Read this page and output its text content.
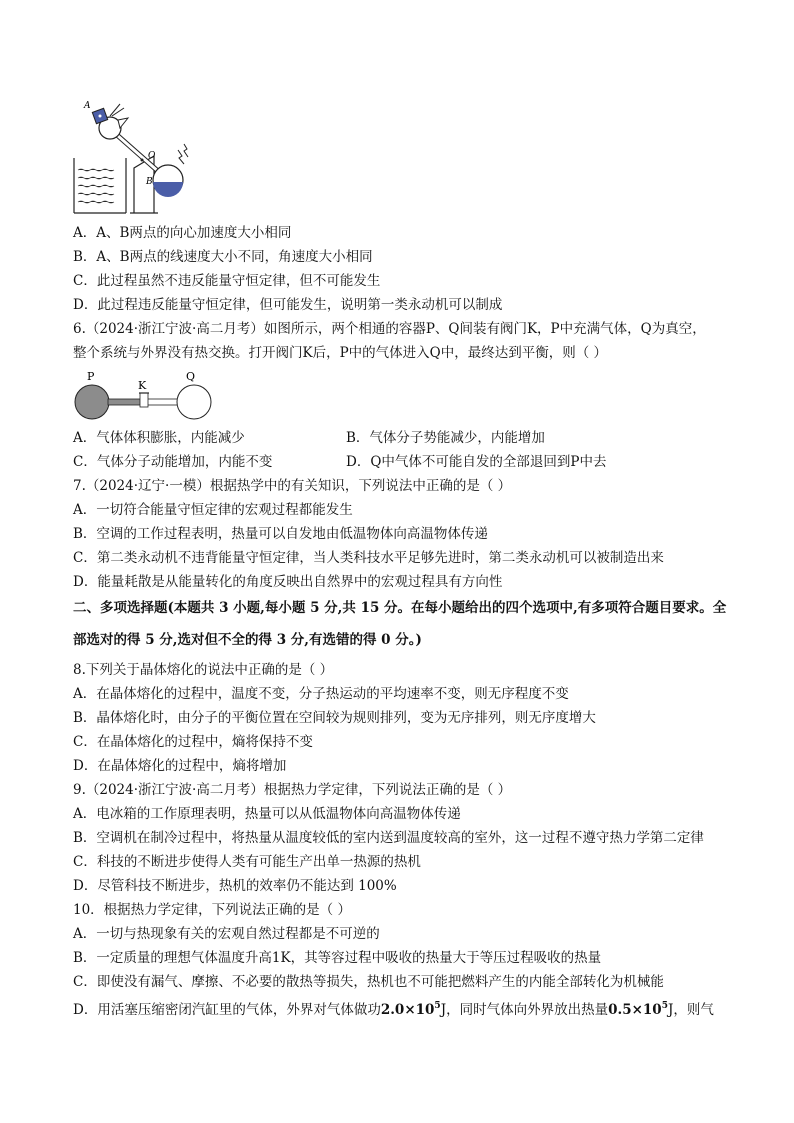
A
O
B
A．A、B两点的向心加速度大小相同
B．A、B两点的线速度大小不同，角速度大小相同
C．此过程虽然不违反能量守恒定律，但不可能发生
D．此过程违反能量守恒定律，但可能发生，说明第一类永动机可以制成
6.（2024·浙江宁波·高二月考）如图所示，两个相通的容器P、Q间装有阀门K，P中充满气体，Q为真空，
整个系统与外界没有热交换。打开阀门K后，P中的气体进入Q中，最终达到平衡，则（ ）
P
K
Q
A．气体体积膨胀，内能减少	B．气体分子势能减少，内能增加
C．气体分子动能增加，内能不变	D．Q中气体不可能自发的全部退回到P中去
7.（2024·辽宁·一模）根据热学中的有关知识，下列说法中正确的是（ ）
A．一切符合能量守恒定律的宏观过程都能发生
B．空调的工作过程表明，热量可以自发地由低温物体向高温物体传递
C．第二类永动机不违背能量守恒定律，当人类科技水平足够先进时，第二类永动机可以被制造出来
D．能量耗散是从能量转化的角度反映出自然界中的宏观过程具有方向性
二、多项选择题(本题共 3 小题,每小题 5 分,共 15 分。在每小题给出的四个选项中,有多项符合题目要求。全
部选对的得 5 分,选对但不全的得 3 分,有选错的得 0 分。)
8.下列关于晶体熔化的说法中正确的是（ ）
A．在晶体熔化的过程中，温度不变，分子热运动的平均速率不变，则无序程度不变
B．晶体熔化时，由分子的平衡位置在空间较为规则排列，变为无序排列，则无序度增大
C．在晶体熔化的过程中，熵将保持不变
D．在晶体熔化的过程中，熵将增加
9.（2024·浙江宁波·高二月考）根据热力学定律，下列说法正确的是（ ）
A．电冰箱的工作原理表明，热量可以从低温物体向高温物体传递
B．空调机在制冷过程中，将热量从温度较低的室内送到温度较高的室外，这一过程不遵守热力学第二定律
C．科技的不断进步使得人类有可能生产出单一热源的热机
D．尽管科技不断进步，热机的效率仍不能达到 100%
10．根据热力学定律，下列说法正确的是（ ）
A．一切与热现象有关的宏观自然过程都是不可逆的
B．一定质量的理想气体温度升高1K，其等容过程中吸收的热量大于等压过程吸收的热量
C．即使没有漏气、摩擦、不必要的散热等损失，热机也不可能把燃料产生的内能全部转化为机械能
D．用活塞压缩密闭汽缸里的气体，外界对气体做功$2.0\times 10^5J$，同时气体向外界放出热量$0.5\times 10^5J$，则气
